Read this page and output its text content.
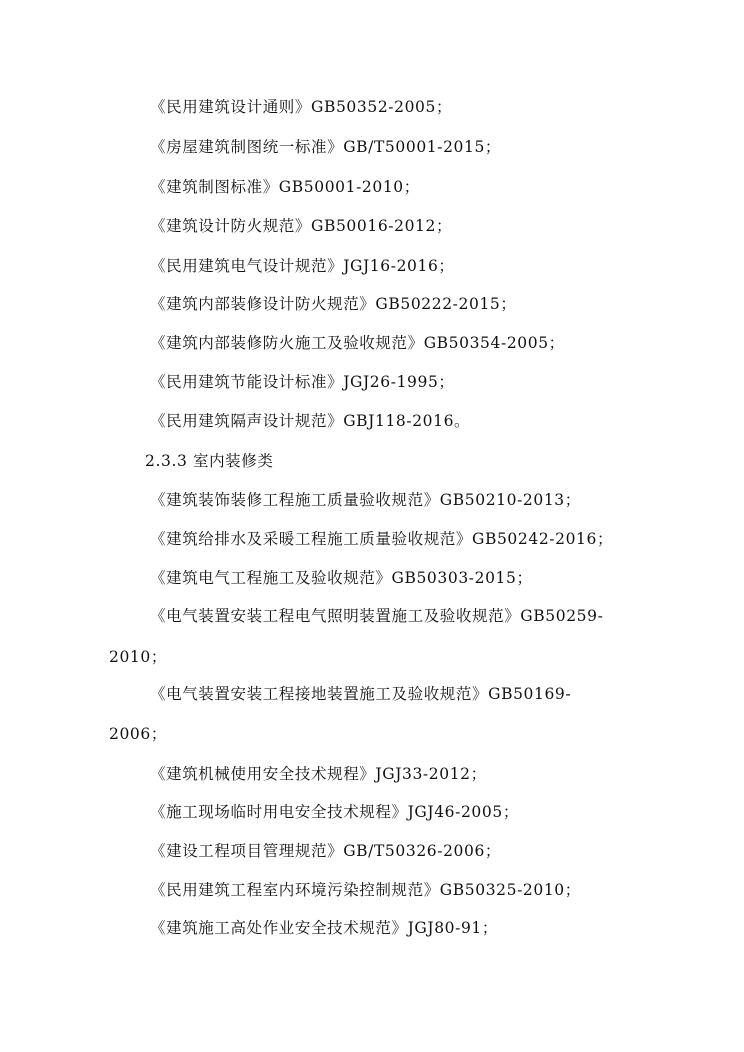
《民用建筑设计通则》GB50352-2005；
《房屋建筑制图统一标准》GB/T50001-2015；
《建筑制图标准》GB50001-2010；
《建筑设计防火规范》GB50016-2012；
《民用建筑电气设计规范》JGJ16-2016；
《建筑内部装修设计防火规范》GB50222-2015；
《建筑内部装修防火施工及验收规范》GB50354-2005；
《民用建筑节能设计标准》JGJ26-1995；
《民用建筑隔声设计规范》GBJ118-2016。
2.3.3 室内装修类
《建筑装饰装修工程施工质量验收规范》GB50210-2013；
《建筑给排水及采暖工程施工质量验收规范》GB50242-2016；
《建筑电气工程施工及验收规范》GB50303-2015；
《电气装置安装工程电气照明装置施工及验收规范》GB50259-
2010；
《电气装置安装工程接地装置施工及验收规范》GB50169-
2006；
《建筑机械使用安全技术规程》JGJ33-2012；
《施工现场临时用电安全技术规程》JGJ46-2005；
《建设工程项目管理规范》GB/T50326-2006；
《民用建筑工程室内环境污染控制规范》GB50325-2010；
《建筑施工高处作业安全技术规范》JGJ80-91；
